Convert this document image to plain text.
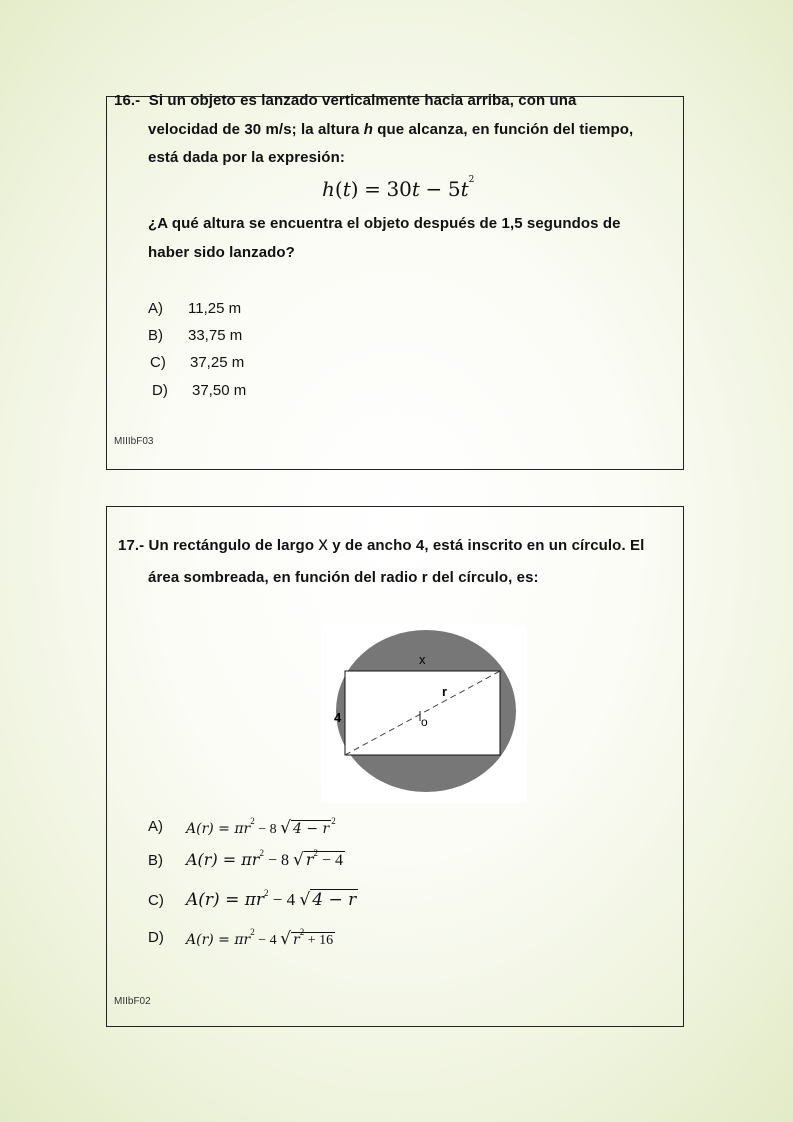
16.- Si un objeto es lanzado verticalmente hacia arriba, con una
velocidad de 30 m/s; la altura h que alcanza, en función del tiempo,
está dada por la expresión:
$h(t) = 30t - 5t^2$
¿A qué altura se encuentra el objeto después de 1,5 segundos de
haber sido lanzado?
A) 11,25 m
B) 33,75 m
C) 37,25 m
D) 37,50 m
MIIIbF03
17.- Un rectángulo de largo x y de ancho 4, está inscrito en un círculo. El
área sombreada, en función del radio r del círculo, es:
x
r
4	o
A) $A(r) = \pi r^2 - 8$ √ 4 − r $^2$
B) $A(r) = \pi r^2 - 8$ √ $r^2 - 4$
C) $A(r) = \pi r^2 - 4$ √ 4 − r
D) $A(r) = \pi r^2 - 4$ √ $r^2 + 16$
MIIbF02
